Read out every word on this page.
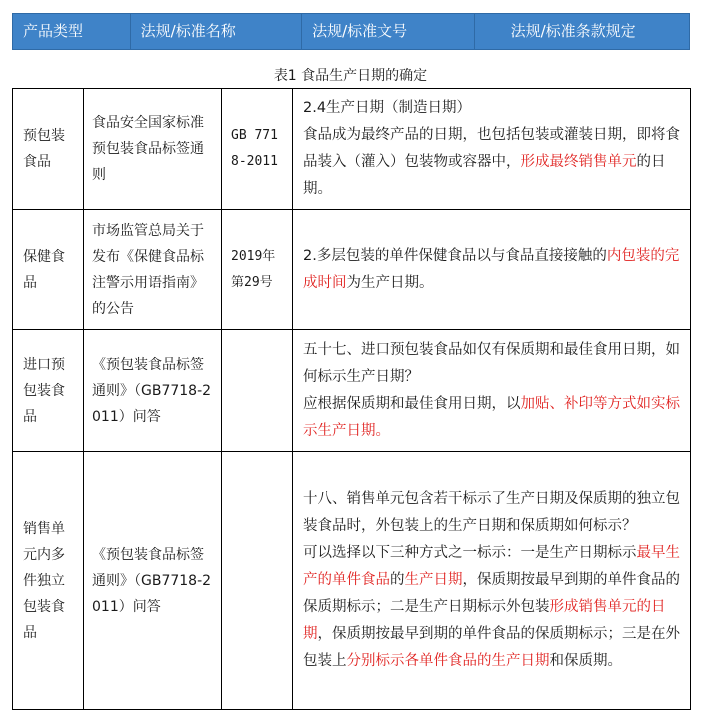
产品类型	法规/标准名称	法规/标准文号	法规/标准条款规定
表1 食品生产日期的确定
预包装食品	食品安全国家标准 预包装食品标签通则	GB 7718-2011	2.4生产日期（制造日期）
食品成为最终产品的日期，也包括包装或灌装日期，即将食品装入（灌入）包装物或容器中，形成最终销售单元的日期。

保健食品	市场监管总局关于发布《保健食品标注警示用语指南》的公告	2019年第29号	2.多层包装的单件保健食品以与食品直接接触的内包装的完成时间为生产日期。

进口预包装食品	《预包装食品标签通则》（GB7718-2011）问答		五十七、进口预包装食品如仅有保质期和最佳食用日期，如何标示生产日期？
应根据保质期和最佳食用日期，以加贴、补印等方式如实标示生产日期。

销售单元内多件独立包装食品	《预包装食品标签通则》（GB7718-2011）问答		十八、销售单元包含若干标示了生产日期及保质期的独立包装食品时，外包装上的生产日期和保质期如何标示？
可以选择以下三种方式之一标示：一是生产日期标示最早生产的单件食品的生产日期，保质期按最早到期的单件食品的保质期标示；二是生产日期标示外包装形成销售单元的日期，保质期按最早到期的单件食品的保质期标示；三是在外包装上分别标示各单件食品的生产日期和保质期。
